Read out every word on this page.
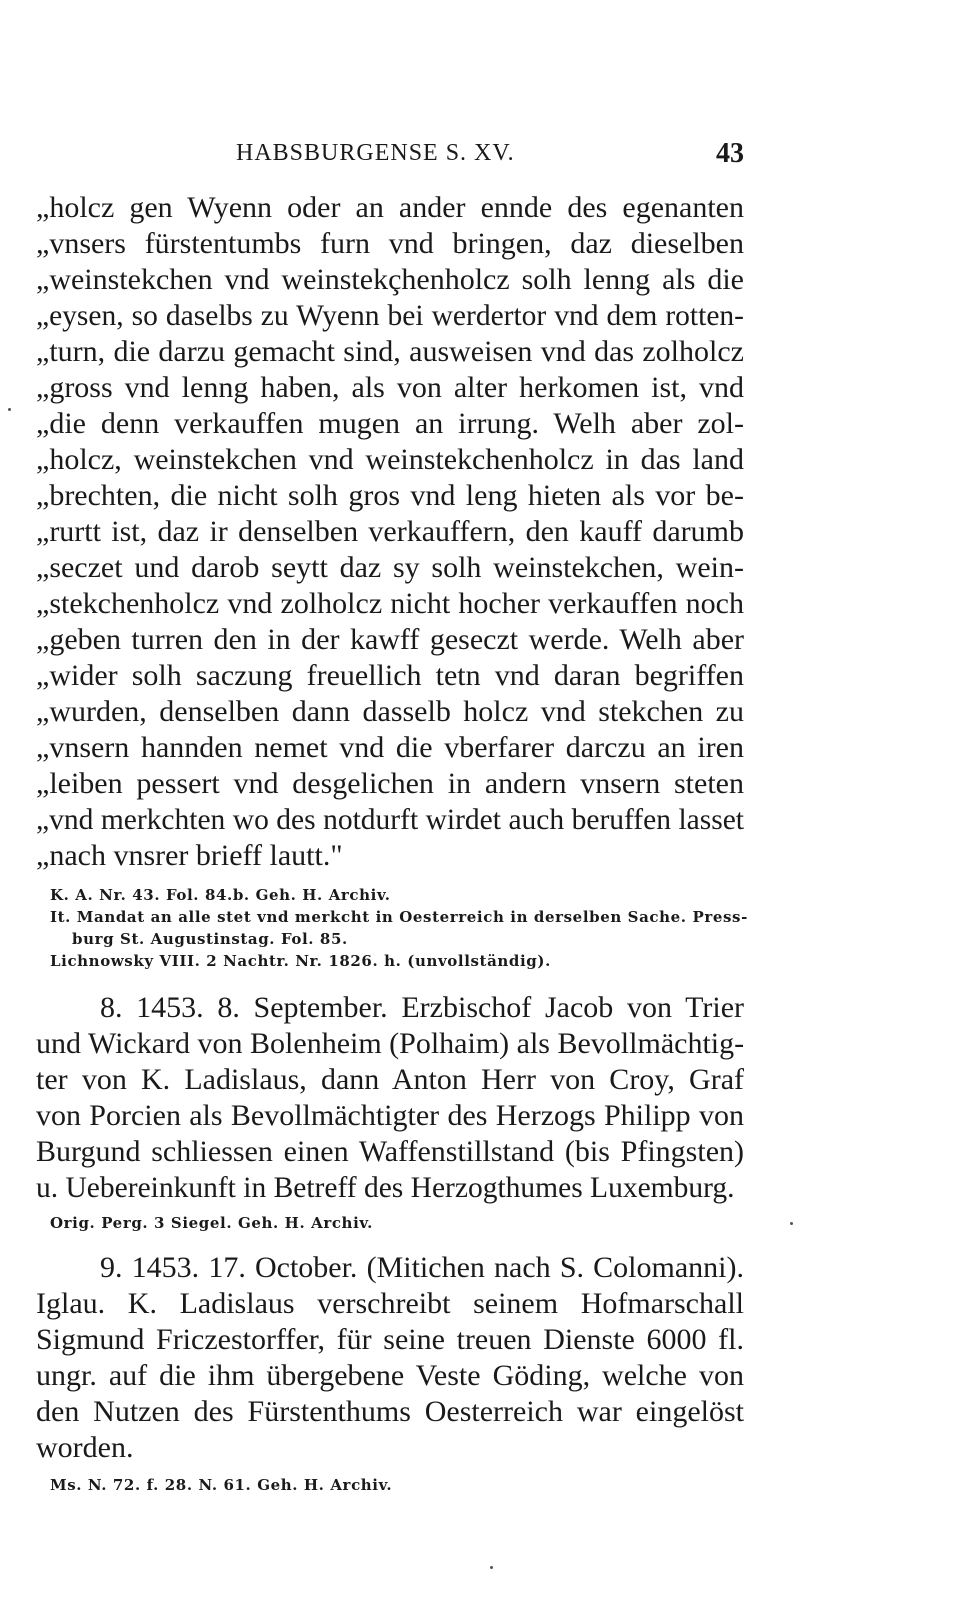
HABSBURGENSE S. XV.	43
„holcz gen Wyenn oder an ander ennde des egenanten
„vnsers fürstentumbs furn vnd bringen, daz dieselben
„weinstekchen vnd weinstekçhenholcz solh lenng als die
„eysen, so daselbs zu Wyenn bei werdertor vnd dem rotten-
„turn, die darzu gemacht sind, ausweisen vnd das zolholcz
„gross vnd lenng haben, als von alter herkomen ist, vnd
„die denn verkauffen mugen an irrung. Welh aber zol-
„holcz, weinstekchen vnd weinstekchenholcz in das land
„brechten, die nicht solh gros vnd leng hieten als vor be-
„rurtt ist, daz ir denselben verkauffern, den kauff darumb
„seczet und darob seytt daz sy solh weinstekchen, wein-
„stekchenholcz vnd zolholcz nicht hocher verkauffen noch
„geben turren den in der kawff geseczt werde. Welh aber
„wider solh saczung freuellich tetn vnd daran begriffen
„wurden, denselben dann dasselb holcz vnd stekchen zu
„vnsern hannden nemet vnd die vberfarer darczu an iren
„leiben pessert vnd desgelichen in andern vnsern steten
„vnd merkchten wo des notdurft wirdet auch beruffen lasset
„nach vnsrer brieff lautt."
K. A. Nr. 43. Fol. 84.b. Geh. H. Archiv.
It. Mandat an alle stet vnd merkcht in Oesterreich in derselben Sache. Press-
burg St. Augustinstag. Fol. 85.
Lichnowsky VIII. 2 Nachtr. Nr. 1826. h. (unvollständig).
8. 1453. 8. September. Erzbischof Jacob von Trier
und Wickard von Bolenheim (Polhaim) als Bevollmächtig-
ter von K. Ladislaus, dann Anton Herr von Croy, Graf
von Porcien als Bevollmächtigter des Herzogs Philipp von
Burgund schliessen einen Waffenstillstand (bis Pfingsten)
u. Uebereinkunft in Betreff des Herzogthumes Luxemburg.
Orig. Perg. 3 Siegel. Geh. H. Archiv.
9. 1453. 17. October. (Mitichen nach S. Colomanni).
Iglau. K. Ladislaus verschreibt seinem Hofmarschall
Sigmund Friczestorffer, für seine treuen Dienste 6000 fl.
ungr. auf die ihm übergebene Veste Göding, welche von
den Nutzen des Fürstenthums Oesterreich war eingelöst
worden.
Ms. N. 72. f. 28. N. 61. Geh. H. Archiv.
